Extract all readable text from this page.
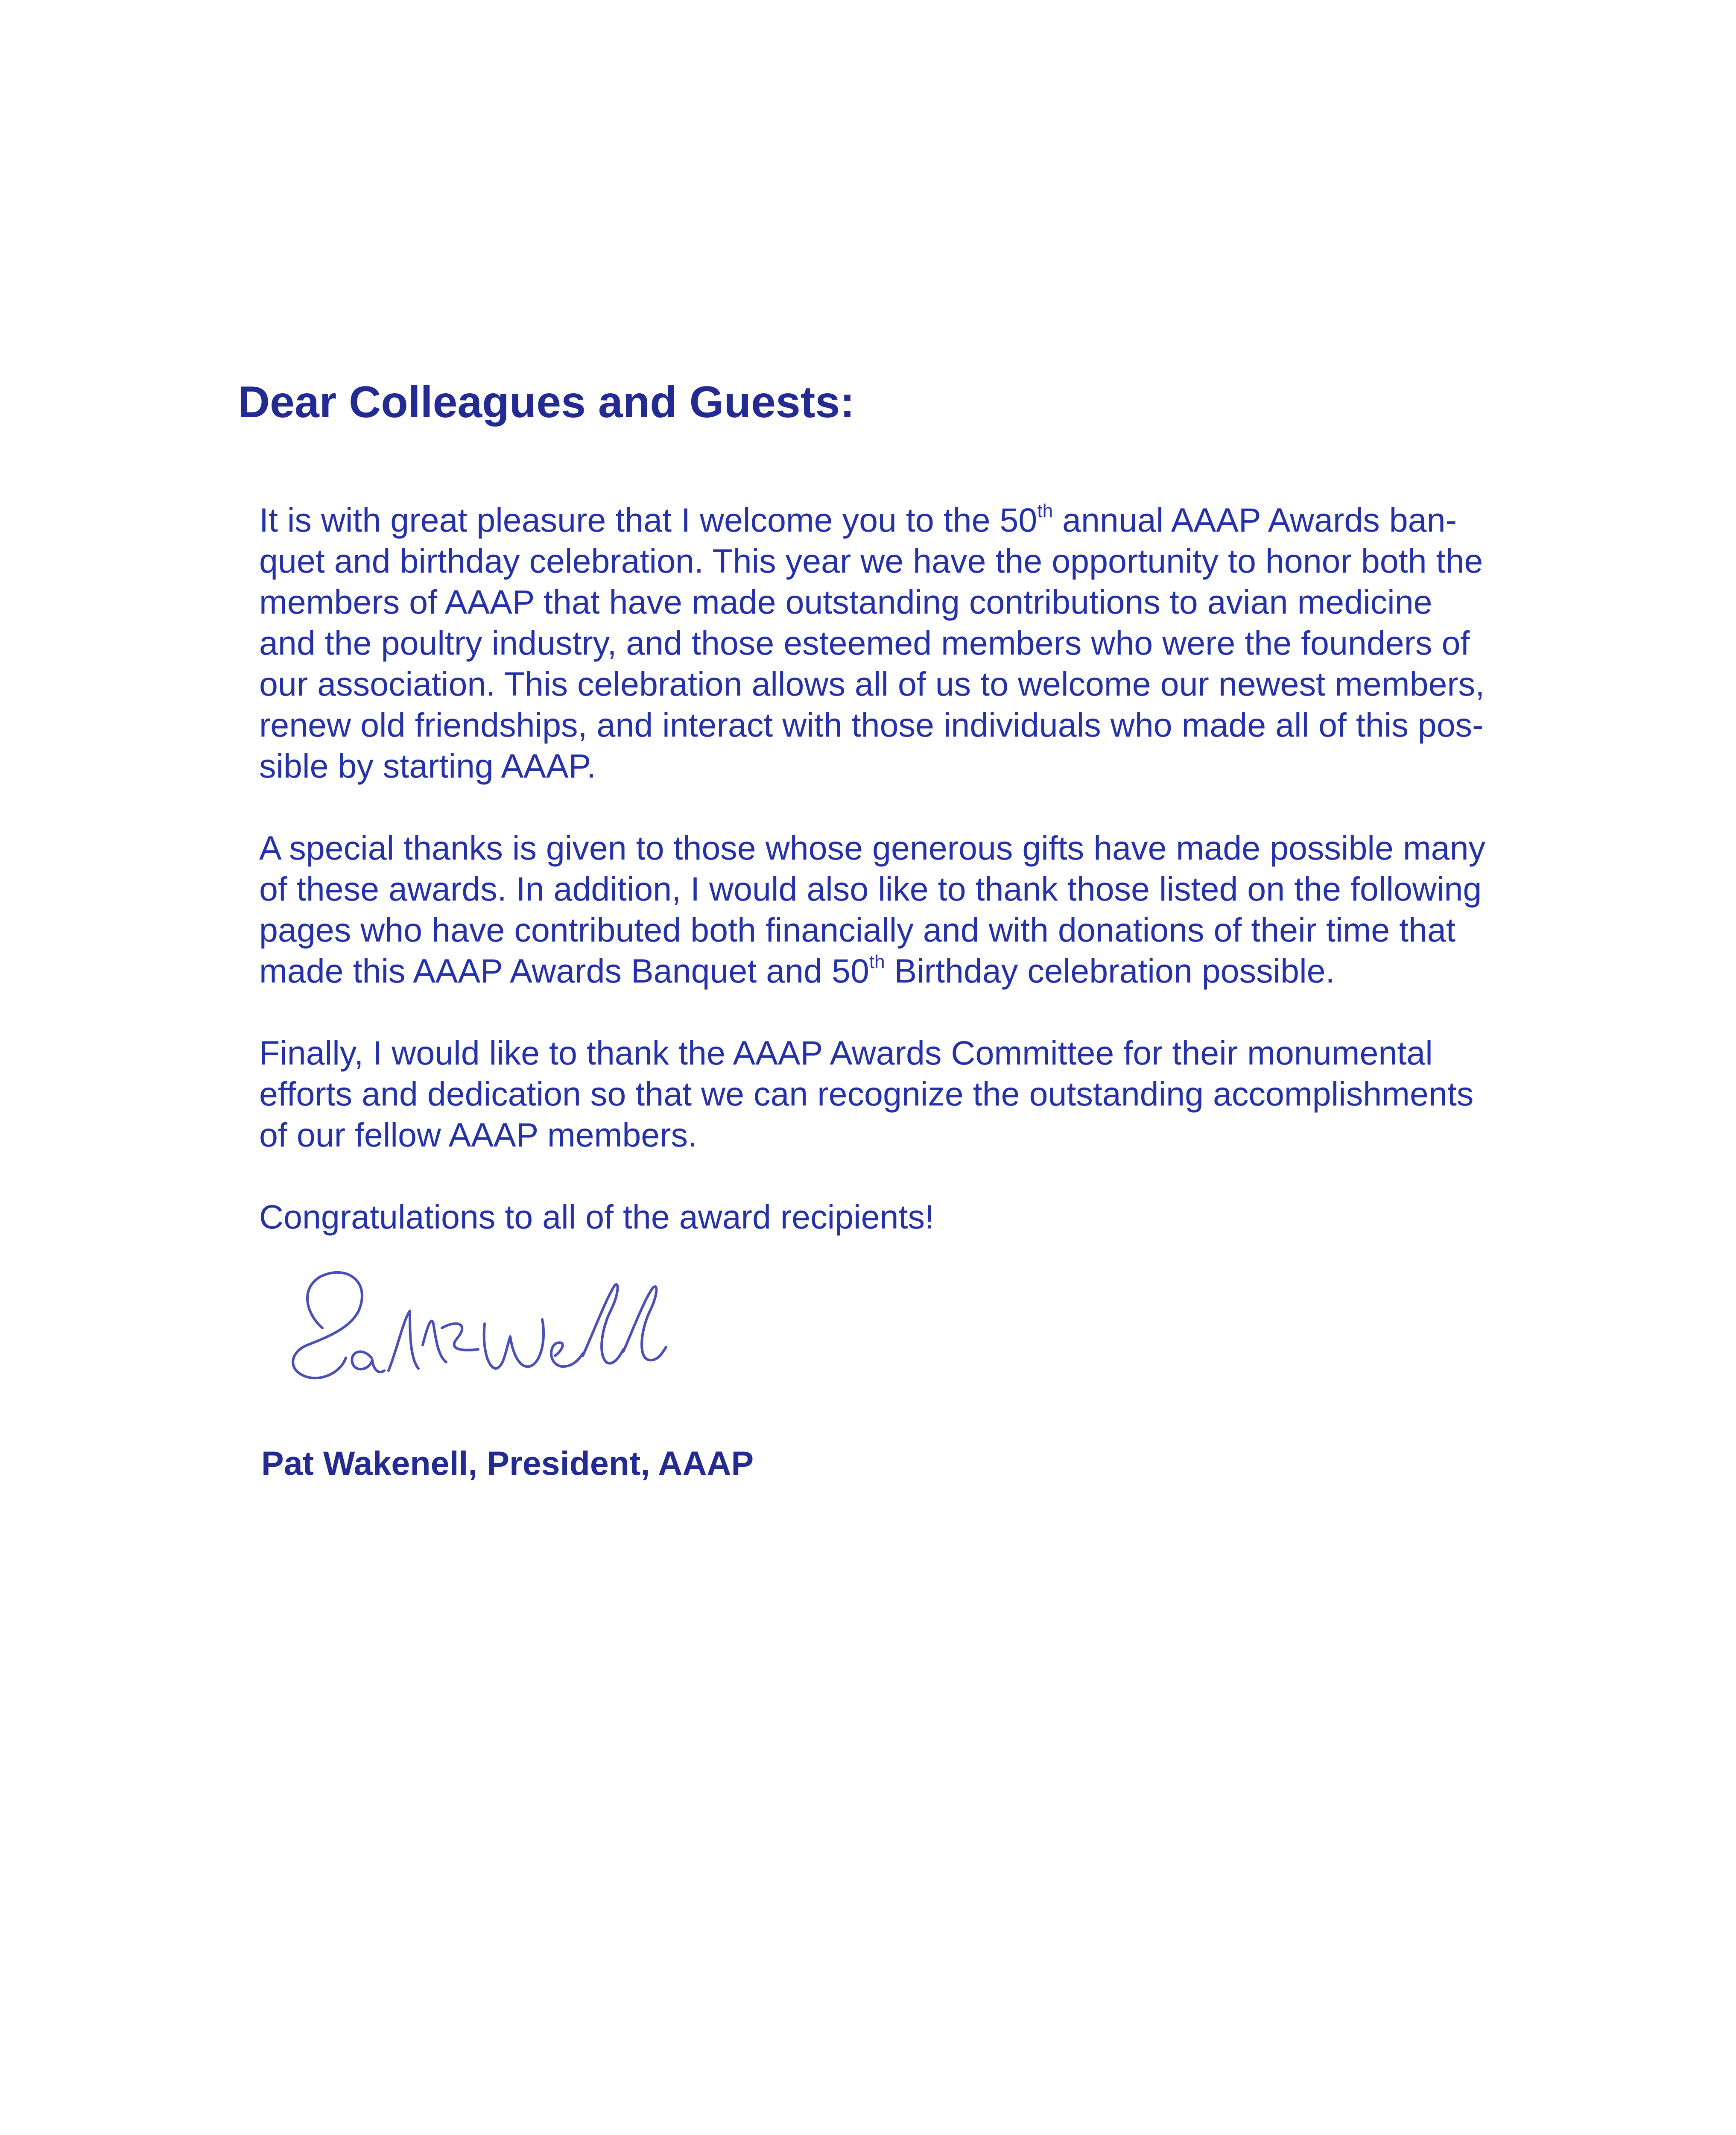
Dear Colleagues and Guests:

It is with great pleasure that I welcome you to the 50th annual AAAP Awards ban-
quet and birthday celebration. This year we have the opportunity to honor both the
members of AAAP that have made outstanding contributions to avian medicine
and the poultry industry, and those esteemed members who were the founders of
our association. This celebration allows all of us to welcome our newest members,
renew old friendships, and interact with those individuals who made all of this pos-
sible by starting AAAP.

A special thanks is given to those whose generous gifts have made possible many
of these awards. In addition, I would also like to thank those listed on the following
pages who have contributed both financially and with donations of their time that
made this AAAP Awards Banquet and 50th Birthday celebration possible.

Finally, I would like to thank the AAAP Awards Committee for their monumental
efforts and dedication so that we can recognize the outstanding accomplishments
of our fellow AAAP members.

Congratulations to all of the award recipients!

Pat Wakenell, President, AAAP
